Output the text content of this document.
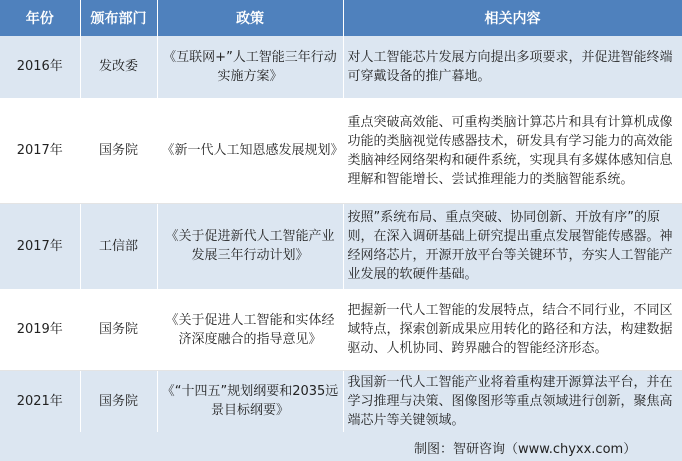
年份	颁布部门	政策	相关内容
2016年	发改委	《互联网+”人工智能三年行动实施方案》	对人工智能芯片发展方向提出多项要求，并促进智能终端可穿戴设备的推广暮地。
2017年	国务院	《新一代人工知恩感发展规划》	重点突破高效能、可重构类脑计算芯片和具有计算机成像功能的类脑视觉传感器技术，研发具有学习能力的高效能类脑神经网络架构和硬件系统，实现具有多媒体感知信息理解和智能增长、尝试推理能力的类脑智能系统。
2017年	工信部	《关于促进新代人工智能产业发展三年行动计划》	按照”系统布局、重点突破、协同创新、开放有序”的原则，在深入调研基础上研究提出重点发展智能传感器。神经网络芯片，开源开放平台等关键环节，夯实人工智能产业发展的软硬件基础。
2019年	国务院	《关于促进人工智能和实体经济深度融合的指导意见》	把握新一代人工智能的发展特点，结合不同行业，不同区域特点，探索创新成果应用转化的路径和方法，构建数据驱动、人机协同、跨界融合的智能经济形态。
2021年	国务院	《“十四五”规划纲要和2035远景目标纲要》	我国新一代人工智能产业将着重构建开源算法平台，并在学习推理与决策、图像图形等重点领域进行创新，聚焦高端芯片等关键领域。
制图：智研咨询（www.chyxx.com）
